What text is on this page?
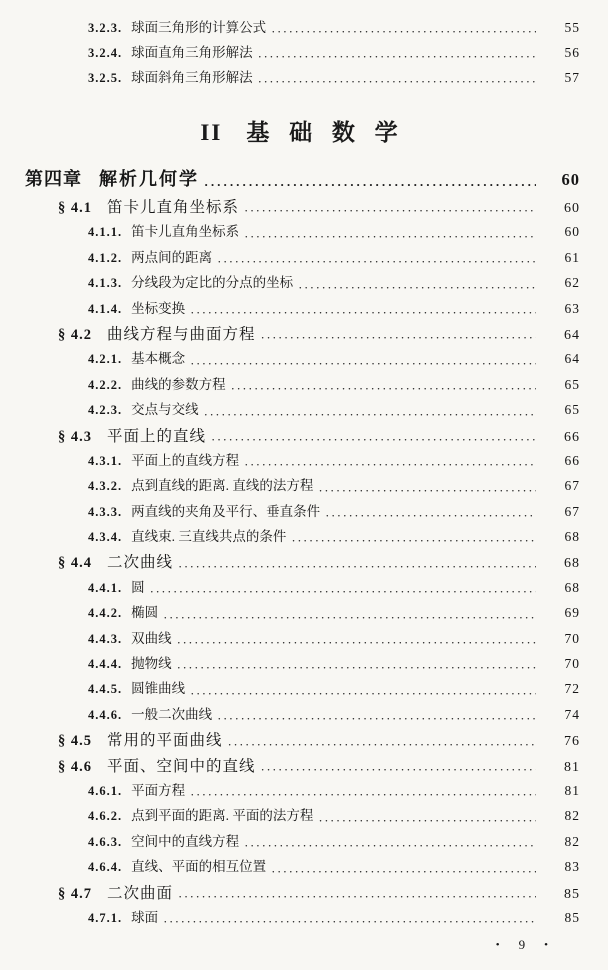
3.2.3. 球面三角形的计算公式 ·····	55
3.2.4. 球面直角三角形解法 ·····	56
3.2.5. 球面斜角三角形解法 ·····	57
II 基 础 数 学
第四章 解析几何学 ·····	60
§ 4.1 笛卡儿直角坐标系 ·····	60
4.1.1. 笛卡儿直角坐标系 ·····	60
4.1.2. 两点间的距离 ·····	61
4.1.3. 分线段为定比的分点的坐标 ·····	62
4.1.4. 坐标变换 ·····	63
§ 4.2 曲线方程与曲面方程 ·····	64
4.2.1. 基本概念 ·····	64
4.2.2. 曲线的参数方程 ·····	65
4.2.3. 交点与交线 ·····	65
§ 4.3 平面上的直线 ·····	66
4.3.1. 平面上的直线方程 ·····	66
4.3.2. 点到直线的距离. 直线的法方程 ·····	67
4.3.3. 两直线的夹角及平行、垂直条件 ·····	67
4.3.4. 直线束. 三直线共点的条件 ·····	68
§ 4.4 二次曲线 ·····	68
4.4.1. 圆 ·····	68
4.4.2. 椭圆 ·····	69
4.4.3. 双曲线 ·····	70
4.4.4. 抛物线 ·····	70
4.4.5. 圆锥曲线 ·····	72
4.4.6. 一般二次曲线 ·····	74
§ 4.5 常用的平面曲线 ·····	76
§ 4.6 平面、空间中的直线 ·····	81
4.6.1. 平面方程 ·····	81
4.6.2. 点到平面的距离. 平面的法方程 ·····	82
4.6.3. 空间中的直线方程 ·····	82
4.6.4. 直线、平面的相互位置 ·····	83
§ 4.7 二次曲面 ·····	85
4.7.1. 球面 ·····	85
• 9 •
